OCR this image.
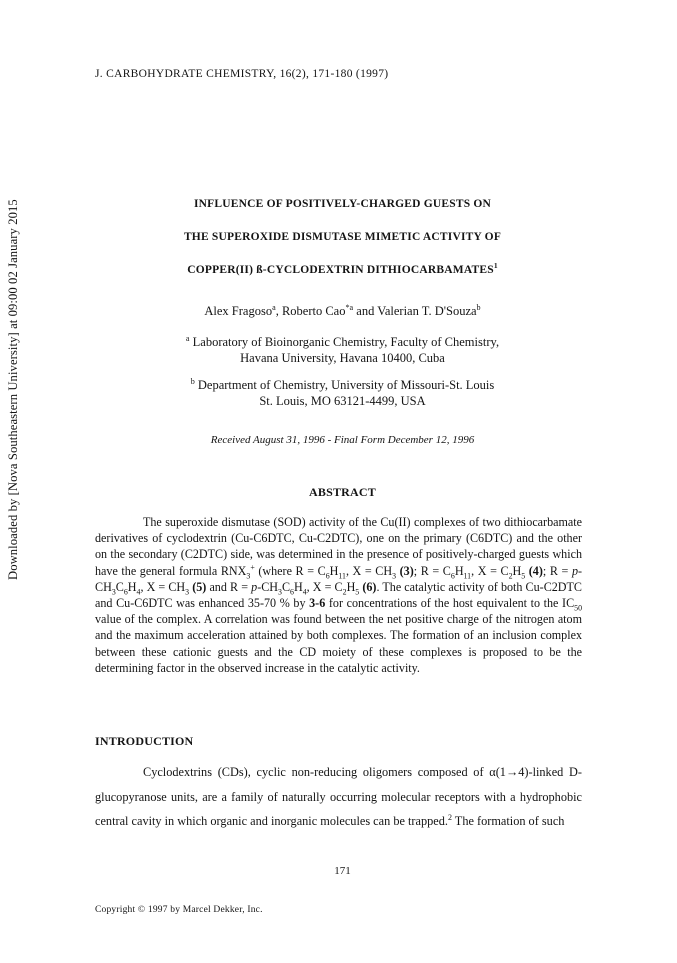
Downloaded by [Nova Southeastern University] at 09:00 02 January 2015
J. CARBOHYDRATE CHEMISTRY, 16(2), 171-180 (1997)
INFLUENCE OF POSITIVELY-CHARGED GUESTS ON
THE SUPEROXIDE DISMUTASE MIMETIC ACTIVITY OF
COPPER(II) ß-CYCLODEXTRIN DITHIOCARBAMATES$^1$
Alex Fragoso$^a$, Roberto Cao$^{*a}$ and Valerian T. D'Souza$^b$
$^a$ Laboratory of Bioinorganic Chemistry, Faculty of Chemistry,
Havana University, Havana 10400, Cuba
$^b$ Department of Chemistry, University of Missouri-St. Louis
St. Louis, MO 63121-4499, USA
Received August 31, 1996 - Final Form December 12, 1996
ABSTRACT

The superoxide dismutase (SOD) activity of the Cu(II) complexes of two dithiocarbamate derivatives of cyclodextrin (Cu-C6DTC, Cu-C2DTC), one on the primary (C6DTC) and the other on the secondary (C2DTC) side, was determined in the presence of positively-charged guests which have the general formula $RNX_3^+$ (where $R = C_6H_{11}$, $X = CH_3$ (3); $R = C_6H_{11}$, $X = C_2H_5$ (4); $R = p-CH_3C_6H_4$, $X = CH_3$ (5) and $R = p-CH_3C_6H_4$, $X = C_2H_5$ (6). The catalytic activity of both Cu-C2DTC and Cu-C6DTC was enhanced 35-70 % by 3-6 for concentrations of the host equivalent to the $IC_{50}$ value of the complex. A correlation was found between the net positive charge of the nitrogen atom and the maximum acceleration attained by both complexes. The formation of an inclusion complex between these cationic guests and the CD moiety of these complexes is proposed to be the determining factor in the observed increase in the catalytic activity.

INTRODUCTION

Cyclodextrins (CDs), cyclic non-reducing oligomers composed of α(1→4)-linked D-glucopyranose units, are a family of naturally occurring molecular receptors with a hydrophobic central cavity in which organic and inorganic molecules can be trapped.$^2$ The formation of such

171
Copyright © 1997 by Marcel Dekker, Inc.
